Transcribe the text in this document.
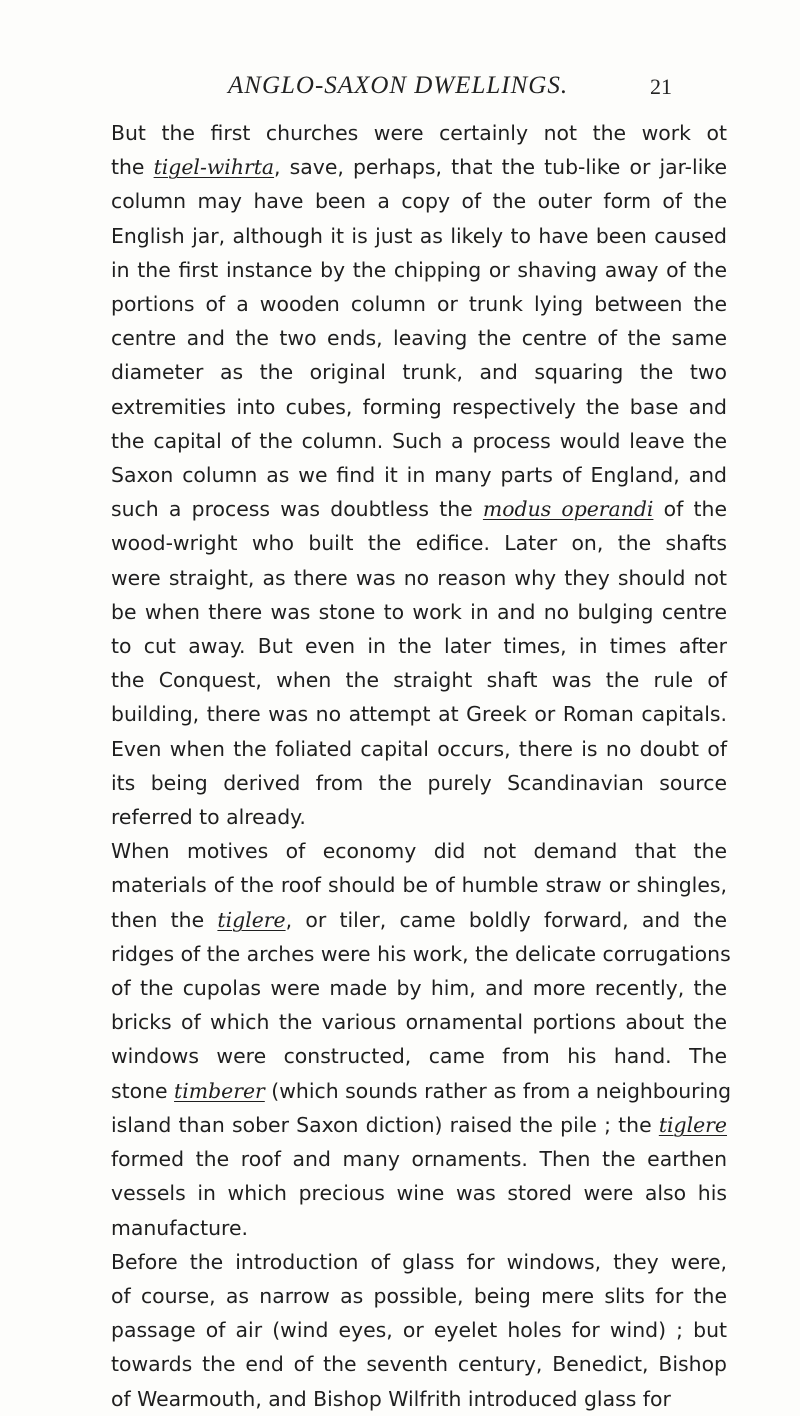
ANGLO-SAXON DWELLINGS.	21

But the first churches were certainly not the work ot
the tigel-wihrta, save, perhaps, that the tub-like or jar-like
column may have been a copy of the outer form of the
English jar, although it is just as likely to have been caused
in the first instance by the chipping or shaving away of the
portions of a wooden column or trunk lying between the
centre and the two ends, leaving the centre of the same
diameter as the original trunk, and squaring the two
extremities into cubes, forming respectively the base and
the capital of the column. Such a process would leave the
Saxon column as we find it in many parts of England, and
such a process was doubtless the modus operandi of the
wood-wright who built the edifice. Later on, the shafts
were straight, as there was no reason why they should not
be when there was stone to work in and no bulging centre
to cut away. But even in the later times, in times after
the Conquest, when the straight shaft was the rule of
building, there was no attempt at Greek or Roman capitals.
Even when the foliated capital occurs, there is no doubt of
its being derived from the purely Scandinavian source
referred to already.

When motives of economy did not demand that the
materials of the roof should be of humble straw or shingles,
then the tiglere, or tiler, came boldly forward, and the
ridges of the arches were his work, the delicate corrugations
of the cupolas were made by him, and more recently, the
bricks of which the various ornamental portions about the
windows were constructed, came from his hand. The
stone timberer (which sounds rather as from a neighbouring
island than sober Saxon diction) raised the pile ; the tiglere
formed the roof and many ornaments. Then the earthen
vessels in which precious wine was stored were also his
manufacture.

Before the introduction of glass for windows, they were,
of course, as narrow as possible, being mere slits for the
passage of air (wind eyes, or eyelet holes for wind) ; but
towards the end of the seventh century, Benedict, Bishop
of Wearmouth, and Bishop Wilfrith introduced glass for
